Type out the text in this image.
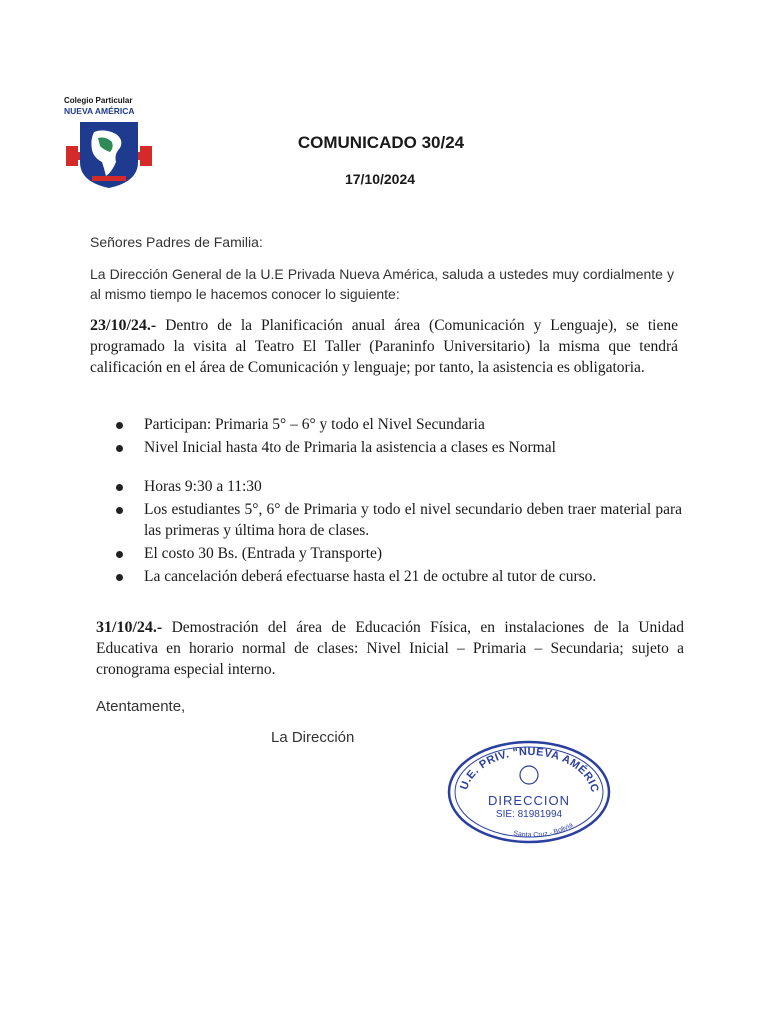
Colegio Particular
NUEVA AMÉRICA
COMUNICADO 30/24
17/10/2024
Señores Padres de Familia:
La Dirección General de la U.E Privada Nueva América, saluda a ustedes muy cordialmente y al mismo tiempo le hacemos conocer lo siguiente:
23/10/24.- Dentro de la Planificación anual área (Comunicación y Lenguaje), se tiene programado la visita al Teatro El Taller (Paraninfo Universitario) la misma que tendrá calificación en el área de Comunicación y lenguaje; por tanto, la asistencia es obligatoria.
Participan: Primaria 5° – 6° y todo el Nivel Secundaria
Nivel Inicial hasta 4to de Primaria la asistencia a clases es Normal
Horas 9:30 a 11:30
Los estudiantes 5°, 6° de Primaria y todo el nivel secundario deben traer material para las primeras y última hora de clases.
El costo 30 Bs. (Entrada y Transporte)
La cancelación deberá efectuarse hasta el 21 de octubre al tutor de curso.
31/10/24.- Demostración del área de Educación Física, en instalaciones de la Unidad Educativa en horario normal de clases: Nivel Inicial – Primaria – Secundaria; sujeto a cronograma especial interno.
Atentamente,
La Dirección
U.E. PRIV. "NUEVA AMÉRIC
DIRECCION
SIE: 81981994
Santa Cruz - Bolivia
